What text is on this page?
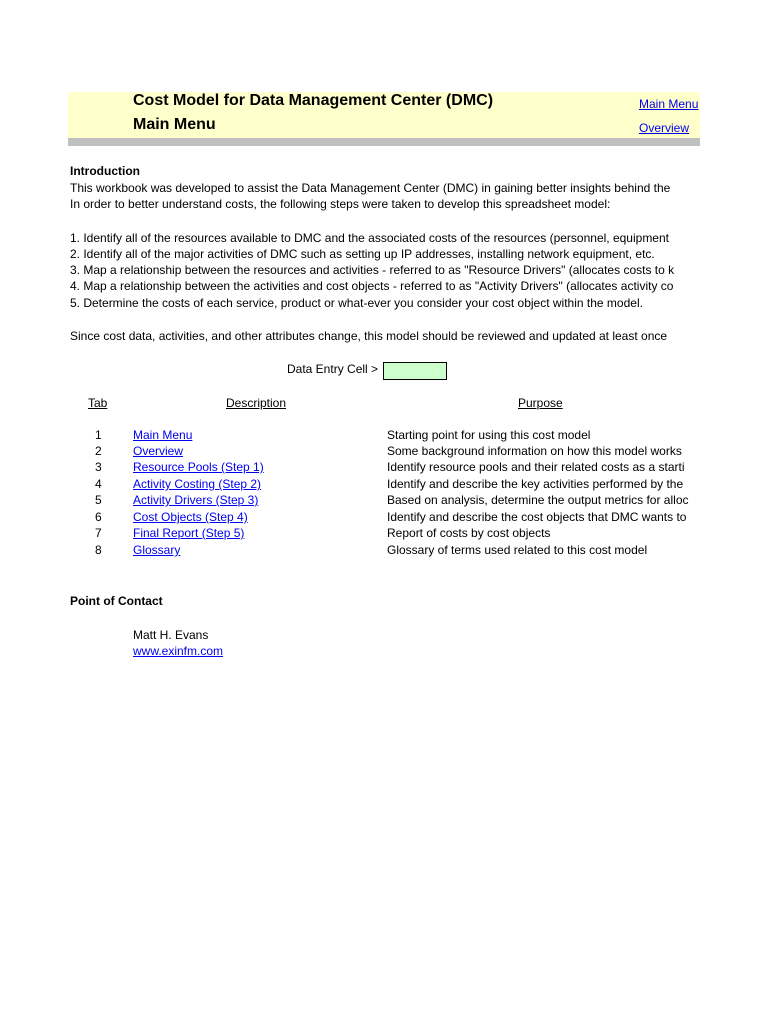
Cost Model for Data Management Center (DMC)
Main Menu
Main Menu
Overview
Introduction
This workbook was developed to assist the Data Management Center (DMC) in gaining better insights behind the
In order to better understand costs, the following steps were taken to develop this spreadsheet model:
1. Identify all of the resources available to DMC and the associated costs of the resources (personnel, equipment
2. Identify all of the major activities of DMC such as setting up IP addresses, installing network equipment, etc.
3. Map a relationship between the resources and activities - referred to as "Resource Drivers" (allocates costs to k
4. Map a relationship between the activities and cost objects - referred to as "Activity Drivers" (allocates activity co
5. Determine the costs of each service, product or what-ever you consider your cost object within the model.
Since cost data, activities, and other attributes change, this model should be reviewed and updated at least once
Data Entry Cell >
Tab	Description	Purpose
1	Main Menu	Starting point for using this cost model
2	Overview	Some background information on how this model works
3	Resource Pools (Step 1)	Identify resource pools and their related costs as a starti
4	Activity Costing (Step 2)	Identify and describe the key activities performed by the
5	Activity Drivers (Step 3)	Based on analysis, determine the output metrics for alloc
6	Cost Objects (Step 4)	Identify and describe the cost objects that DMC wants to
7	Final Report (Step 5)	Report of costs by cost objects
8	Glossary	Glossary of terms used related to this cost model
Point of Contact
Matt H. Evans
www.exinfm.com
